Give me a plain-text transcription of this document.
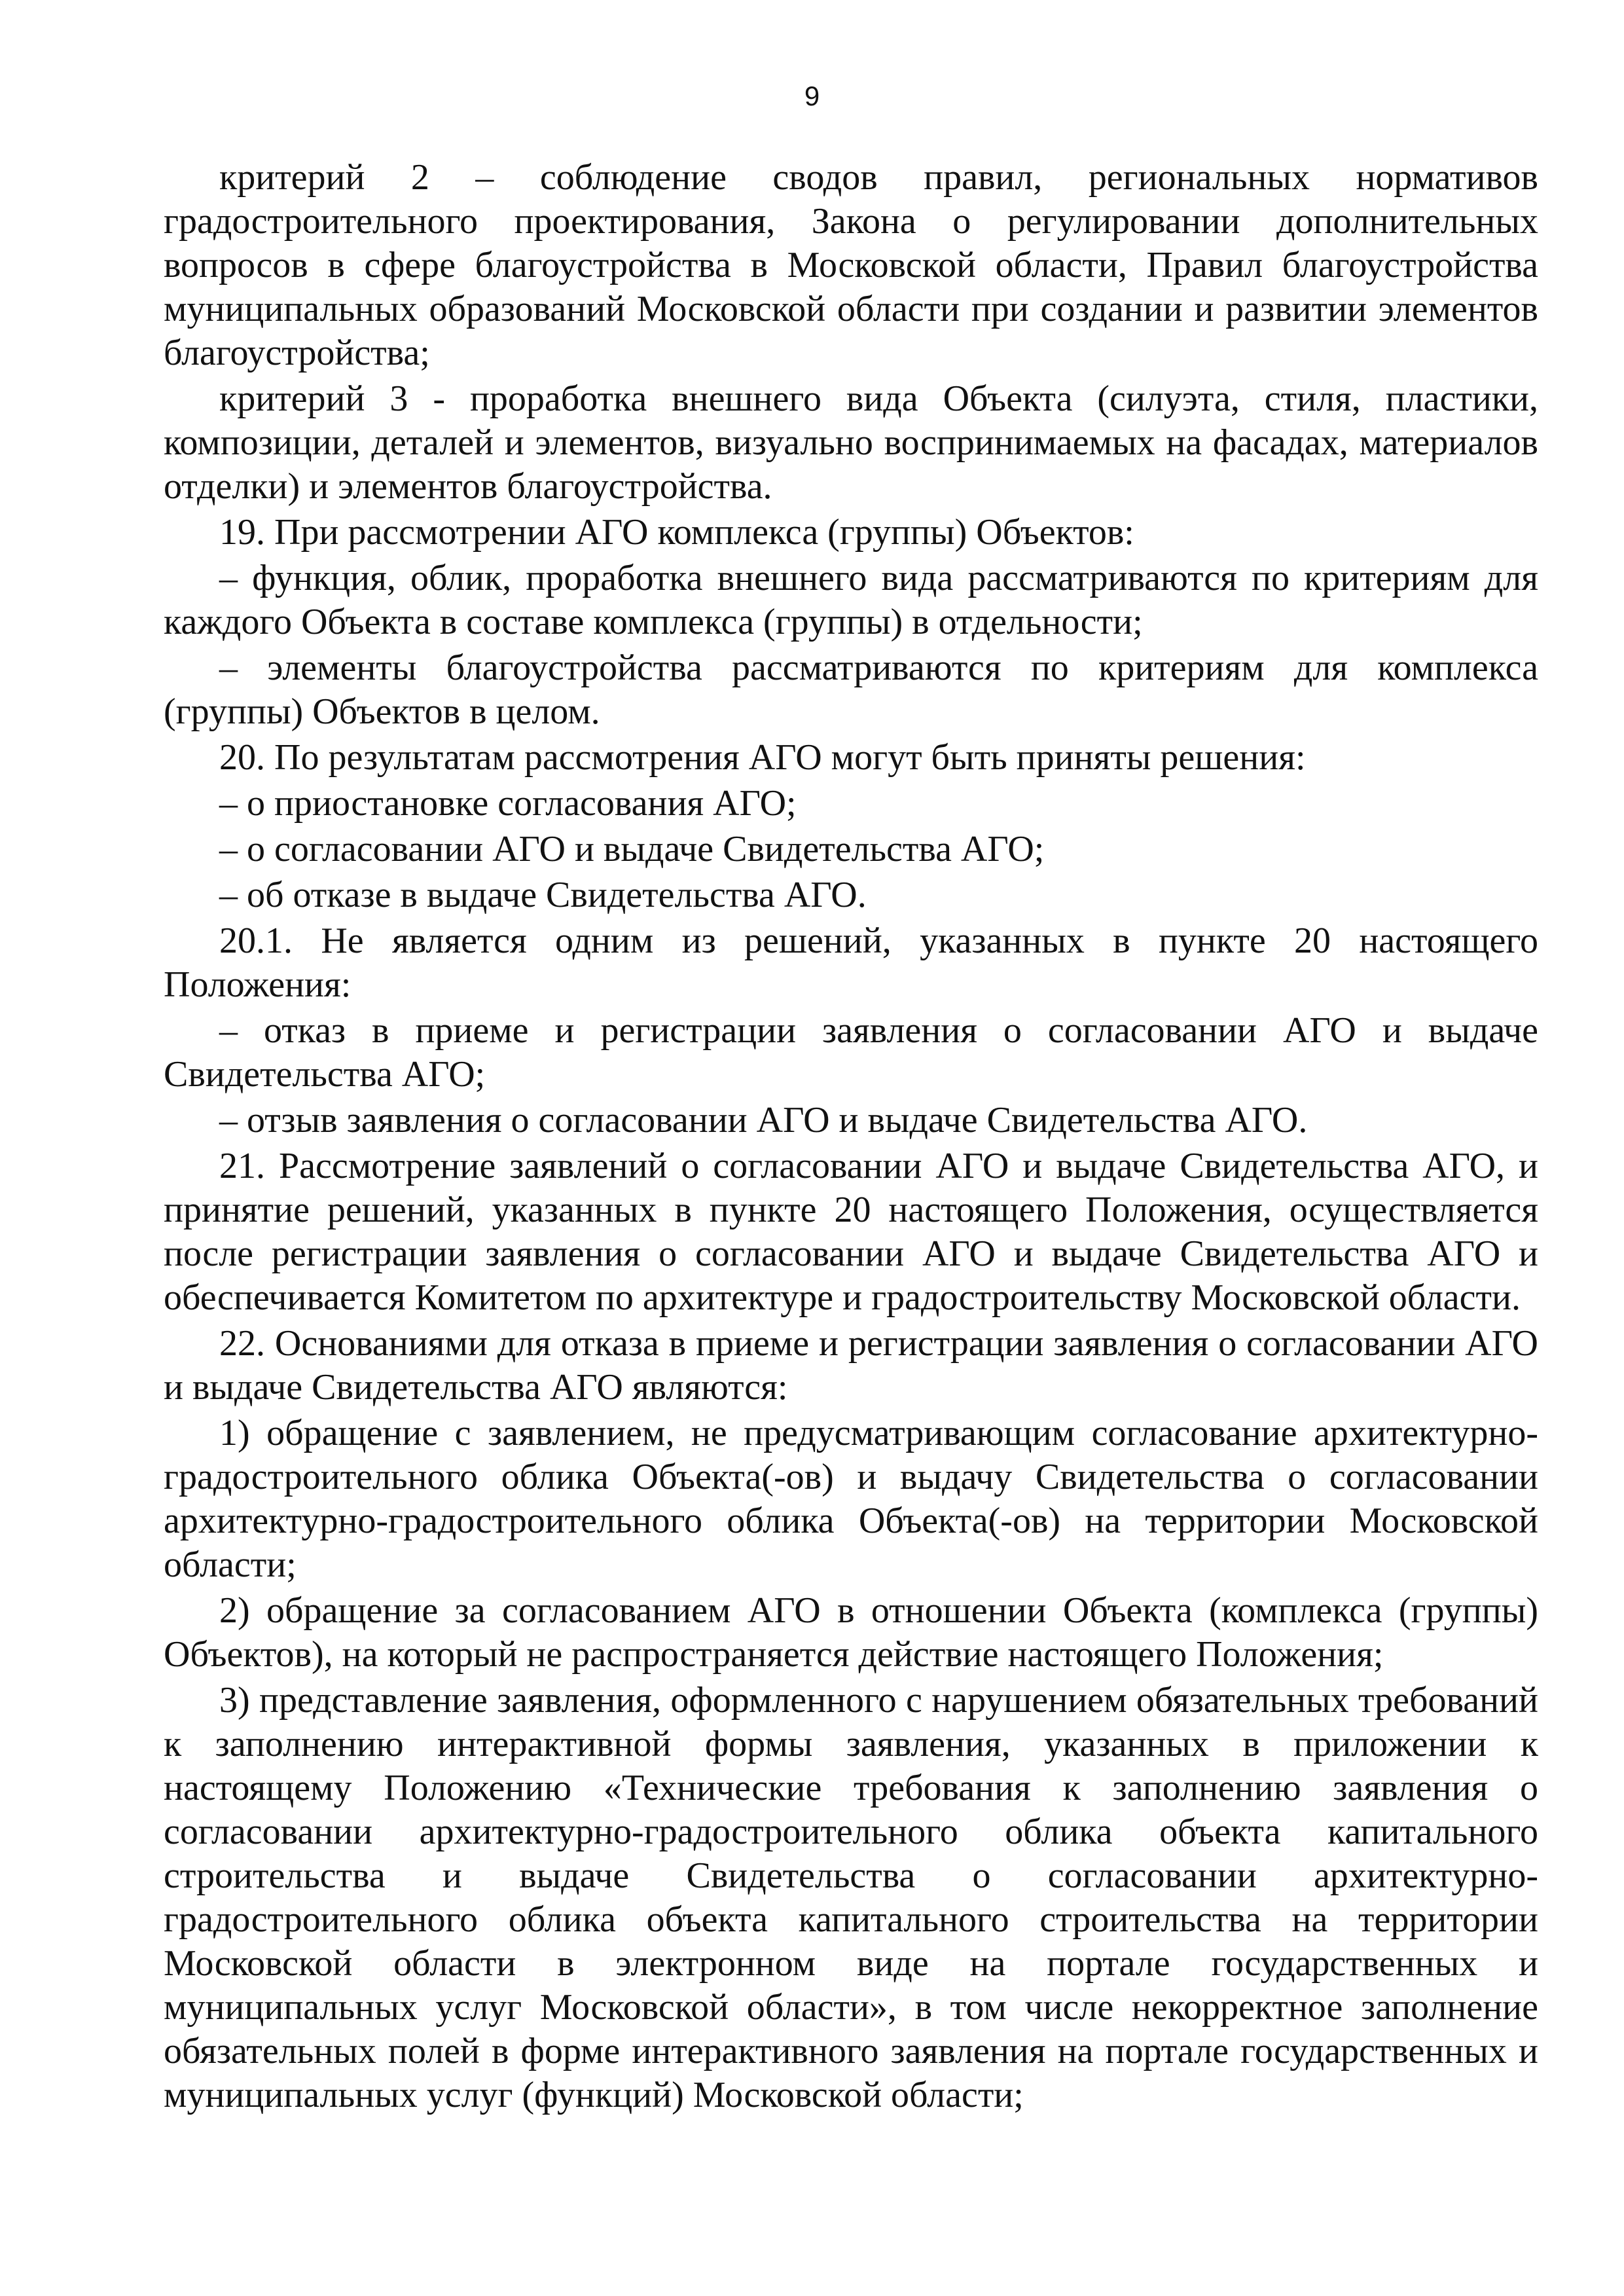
9

критерий 2 – соблюдение сводов правил, региональных нормативов градостроительного проектирования, Закона о регулировании дополнительных вопросов в сфере благоустройства в Московской области, Правил благоустройства муниципальных образований Московской области при создании и развитии элементов благоустройства;

критерий 3 - проработка внешнего вида Объекта (силуэта, стиля, пластики, композиции, деталей и элементов, визуально воспринимаемых на фасадах, материалов отделки) и элементов благоустройства.

19. При рассмотрении АГО комплекса (группы) Объектов:

– функция, облик, проработка внешнего вида рассматриваются по критериям для каждого Объекта в составе комплекса (группы) в отдельности;

– элементы благоустройства рассматриваются по критериям для комплекса (группы) Объектов в целом.

20. По результатам рассмотрения АГО могут быть приняты решения:

– о приостановке согласования АГО;

– о согласовании АГО и выдаче Свидетельства АГО;

– об отказе в выдаче Свидетельства АГО.

20.1. Не является одним из решений, указанных в пункте 20 настоящего Положения:

– отказ в приеме и регистрации заявления о согласовании АГО и выдаче Свидетельства АГО;

– отзыв заявления о согласовании АГО и выдаче Свидетельства АГО.

21. Рассмотрение заявлений о согласовании АГО и выдаче Свидетельства АГО, и принятие решений, указанных в пункте 20 настоящего Положения, осуществляется после регистрации заявления о согласовании АГО и выдаче Свидетельства АГО и обеспечивается Комитетом по архитектуре и градостроительству Московской области.

22. Основаниями для отказа в приеме и регистрации заявления о согласовании АГО и выдаче Свидетельства АГО являются:

1) обращение с заявлением, не предусматривающим согласование архитектурно-градостроительного облика Объекта(-ов) и выдачу Свидетельства о согласовании архитектурно-градостроительного облика Объекта(-ов) на территории Московской области;

2) обращение за согласованием АГО в отношении Объекта (комплекса (группы) Объектов), на который не распространяется действие настоящего Положения;

3) представление заявления, оформленного с нарушением обязательных требований к заполнению интерактивной формы заявления, указанных в приложении к настоящему Положению «Технические требования к заполнению заявления о согласовании архитектурно-градостроительного облика объекта капитального строительства и выдаче Свидетельства о согласовании архитектурно-градостроительного облика объекта капитального строительства на территории Московской области в электронном виде на портале государственных и муниципальных услуг Московской области», в том числе некорректное заполнение обязательных полей в форме интерактивного заявления на портале государственных и муниципальных услуг (функций) Московской области;
